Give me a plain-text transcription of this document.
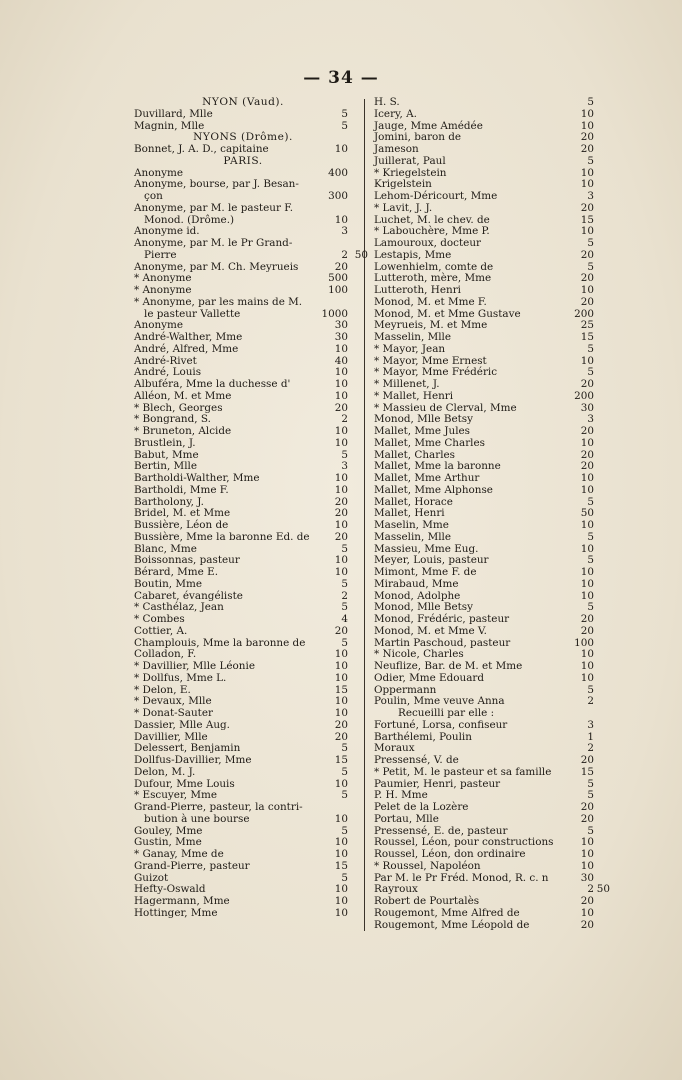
— 34 —
NYON (Vaud).
Duvillard, Mlle	5
Magnin, Mlle	5
NYONS (Drôme).
Bonnet, J. A. D., capitaine	10
PARIS.
Anonyme	400
Anonyme, bourse, par J. Besan-
çon	300
Anonyme, par M. le pasteur F.
Monod. (Drôme.)	10
Anonyme id.	3
Anonyme, par M. le Pr Grand-
Pierre	2 50
Anonyme, par M. Ch. Meyrueis	20
* Anonyme	500
* Anonyme	100
* Anonyme, par les mains de M.
le pasteur Vallette	1000
Anonyme	30
André-Walther, Mme	30
André, Alfred, Mme	10
André-Rivet	40
André, Louis	10
Albuféra, Mme la duchesse d'	10
Alléon, M. et Mme	10
* Blech, Georges	20
* Bongrand, S.	2
* Bruneton, Alcide	10
Brustlein, J.	10
Babut, Mme	5
Bertin, Mlle	3
Bartholdi-Walther, Mme	10
Bartholdi, Mme F.	10
Bartholony, J.	20
Bridel, M. et Mme	20
Bussière, Léon de	10
Bussière, Mme la baronne Ed. de 20
Blanc, Mme	5
Boissonnas, pasteur	10
Bérard, Mme E.	10
Boutin, Mme	5
Cabaret, évangéliste	2
* Casthélaz, Jean	5
* Combes	4
Cottier, A.	20
Champlouis, Mme la baronne de	5
Colladon, F.	10
* Davillier, Mlle Léonie	10
* Dollfus, Mme L.	10
* Delon, E.	15
* Devaux, Mlle	10
* Donat-Sauter	10
Dassier, Mlle Aug.	20
Davillier, Mlle	20
Delessert, Benjamin	5
Dollfus-Davillier, Mme	15
Delon, M. J.	5
Dufour, Mme Louis	10
* Escuyer, Mme	5
Grand-Pierre, pasteur, la contri-
bution à une bourse	10
Gouley, Mme	5
Gustin, Mme	10
* Ganay, Mme de	10
Grand-Pierre, pasteur	15
Guizot	5
Hefty-Oswald	10
Hagermann, Mme	10
Hottinger, Mme	10
H. S.	5
Icery, A.	10
Jauge, Mme Amédée	10
Jomini, baron de	20
Jameson	20
Juillerat, Paul	5
* Kriegelstein	10
Krigelstein	10
Lehom-Déricourt, Mme	3
* Lavit, J. J.	20
Luchet, M. le chev. de	15
* Labouchère, Mme P.	10
Lamouroux, docteur	5
Lestapis, Mme	20
Lowenhielm, comte de	5
Lutteroth, mère, Mme	20
Lutteroth, Henri	10
Monod, M. et Mme F.	20
Monod, M. et Mme Gustave	200
Meyrueis, M. et Mme	25
Masselin, Mlle	15
* Mayor, Jean	5
* Mayor, Mme Ernest	10
* Mayor, Mme Frédéric	5
* Millenet, J.	20
* Mallet, Henri	200
* Massieu de Clerval, Mme	30
Monod, Mlle Betsy	3
Mallet, Mme Jules	20
Mallet, Mme Charles	10
Mallet, Charles	20
Mallet, Mme la baronne	20
Mallet, Mme Arthur	10
Mallet, Mme Alphonse	10
Mallet, Horace	5
Mallet, Henri	50
Maselin, Mme	10
Masselin, Mlle	5
Massieu, Mme Eug.	10
Meyer, Louis, pasteur	5
Mimont, Mme F. de	10
Mirabaud, Mme	10
Monod, Adolphe	10
Monod, Mlle Betsy	5
Monod, Frédéric, pasteur	20
Monod, M. et Mme V.	20
Martin Paschoud, pasteur	100
* Nicole, Charles	10
Neuflize, Bar. de M. et Mme	10
Odier, Mme Edouard	10
Oppermann	5
Poulin, Mme veuve Anna	2
Recueilli par elle :
Fortuné, Lorsa, confiseur	3
Barthélemi, Poulin	1
Moraux	2
Pressensé, V. de	20
* Petit, M. le pasteur et sa famille	15
Paumier, Henri, pasteur	5
P. H. Mme	5
Pelet de la Lozère	20
Portau, Mlle	20
Pressensé, E. de, pasteur	5
Roussel, Léon, pour constructions	10
Roussel, Léon, don ordinaire	10
* Roussel, Napoléon	10
Par M. le Pr Fréd. Monod, R. c. n	30
Rayroux	2 50
Robert de Pourtalès	20
Rougemont, Mme Alfred de	10
Rougemont, Mme Léopold de	20
